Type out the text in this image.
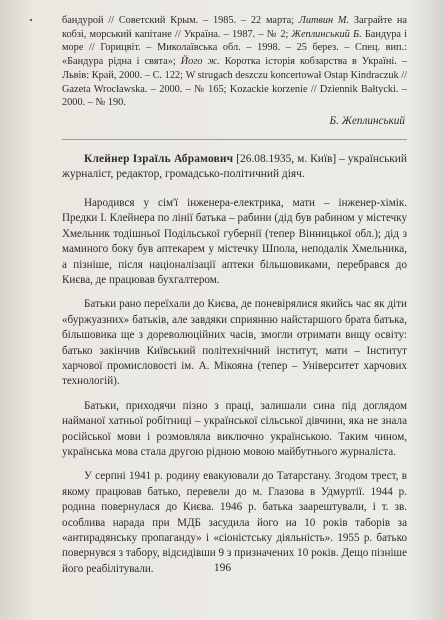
бандурой // Советский Крым. – 1985. – 22 марта; Литвин М. Заграйте на кобзі, морський капітане // Україна. – 1987. – № 2; Жеплинський Б. Бандура і море // Горицвіт. – Миколаївська обл. – 1998. – 25 берез. – Спец. вип.: «Бандура рідна і свята»; Його ж. Коротка історія кобзарства в Україні. – Львів: Край, 2000. – С. 122; W strugach deszczu koncertował Ostap Kindraczuk // Gazeta Wrocławska. – 2000. – № 165; Kozackie korzenie // Dziennik Bałtycki. – 2000. – № 190.

Б. Жеплинський
Клейнер Ізраїль Абрамович [26.08.1935, м. Київ] – український журналіст, редактор, громадсько-політичний діяч.

Народився у сім'ї інженера-електрика, мати – інженер-хімік. Предки І. Клейнера по лінії батька – рабини (дід був рабином у містечку Хмельник тодішньої Подільської губернії (тепер Вінницької обл.); дід з маминого боку був аптекарем у містечку Шпола, неподалік Хмельника, а пізніше, після націоналізації аптеки більшовиками, перебрався до Києва, де працював бухгалтером.

Батьки рано переїхали до Києва, де поневірялися якийсь час як діти «буржуазних» батьків, але завдяки сприянню найстаршого брата батька, більшовика ще з дореволюційних часів, змогли отримати вищу освіту: батько закінчив Київський політехнічний інститут, мати – Інститут харчової промисловості ім. А. Мікояна (тепер – Університет харчових технологій).

Батьки, приходячи пізно з праці, залишали сина під доглядом найманої хатньої робітниці – української сільської дівчини, яка не знала російської мови і розмовляла виключно українською. Таким чином, українська мова стала другою рідною мовою майбутнього журналіста.

У серпні 1941 р. родину евакуювали до Татарстану. Згодом трест, в якому працював батько, перевели до м. Глазова в Удмуртії. 1944 р. родина повернулася до Києва. 1946 р. батька заарештували, і т. зв. особлива нарада при МДБ засудила його на 10 років таборів за «антирадянську пропаганду» і «сіоністську діяльність». 1955 р. батько повернувся з табору, відсидівши 9 з призначених 10 років. Дещо пізніше його реабілітували.	196
